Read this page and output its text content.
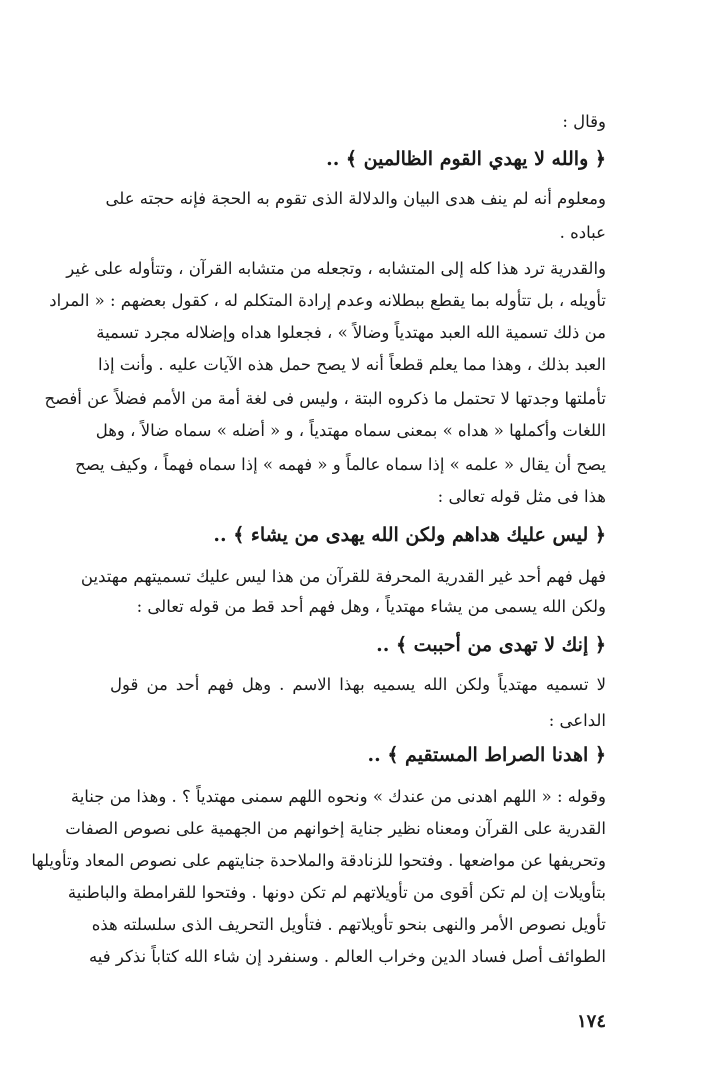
وقال :
﴿ والله لا يهدي القوم الظالمين ﴾ ..
ومعلوم أنه لم ينف هدى البيان والدلالة الذى تقوم به الحجة فإنه حجته على
عباده .
والقدرية ترد هذا كله إلى المتشابه ، وتجعله من متشابه القرآن ، وتتأوله على غير
تأويله ، بل تتأوله بما يقطع ببطلانه وعدم إرادة المتكلم له ، كقول بعضهم : « المراد
من ذلك تسمية الله العبد مهتدياً وضالاً » ، فجعلوا هداه وإضلاله مجرد تسمية
العبد بذلك ، وهذا مما يعلم قطعاً أنه لا يصح حمل هذه الآيات عليه . وأنت إذا
تأملتها وجدتها لا تحتمل ما ذكروه البتة ، وليس فى لغة أمة من الأمم فضلاً عن أفصح
اللغات وأكملها « هداه » بمعنى سماه مهتدياً ، و « أضله » سماه ضالاً ، وهل
يصح أن يقال « علمه » إذا سماه عالماً و « فهمه » إذا سماه فهماً ، وكيف يصح
هذا فى مثل قوله تعالى :
﴿ ليس عليك هداهم ولكن الله يهدى من يشاء ﴾ ..
فهل فهم أحد غير القدرية المحرفة للقرآن من هذا ليس عليك تسميتهم مهتدين
ولكن الله يسمى من يشاء مهتدياً ، وهل فهم أحد قط من قوله تعالى :
﴿ إنك لا تهدى من أحببت ﴾ ..
لا تسميه مهتدياً ولكن الله يسميه بهذا الاسم . وهل فهم أحد من قول
الداعى :
﴿ اهدنا الصراط المستقيم ﴾ ..
وقوله : « اللهم اهدنى من عندك » ونحوه اللهم سمنى مهتدياً ؟ . وهذا من جناية
القدرية على القرآن ومعناه نظير جناية إخوانهم من الجهمية على نصوص الصفات
وتحريفها عن مواضعها . وفتحوا للزنادقة والملاحدة جنايتهم على نصوص المعاد وتأويلها
بتأويلات إن لم تكن أقوى من تأويلاتهم لم تكن دونها . وفتحوا للقرامطة والباطنية
تأويل نصوص الأمر والنهى بنحو تأويلاتهم . فتأويل التحريف الذى سلسلته هذه
الطوائف أصل فساد الدين وخراب العالم . وسنفرد إن شاء الله كتاباً نذكر فيه
١٧٤
